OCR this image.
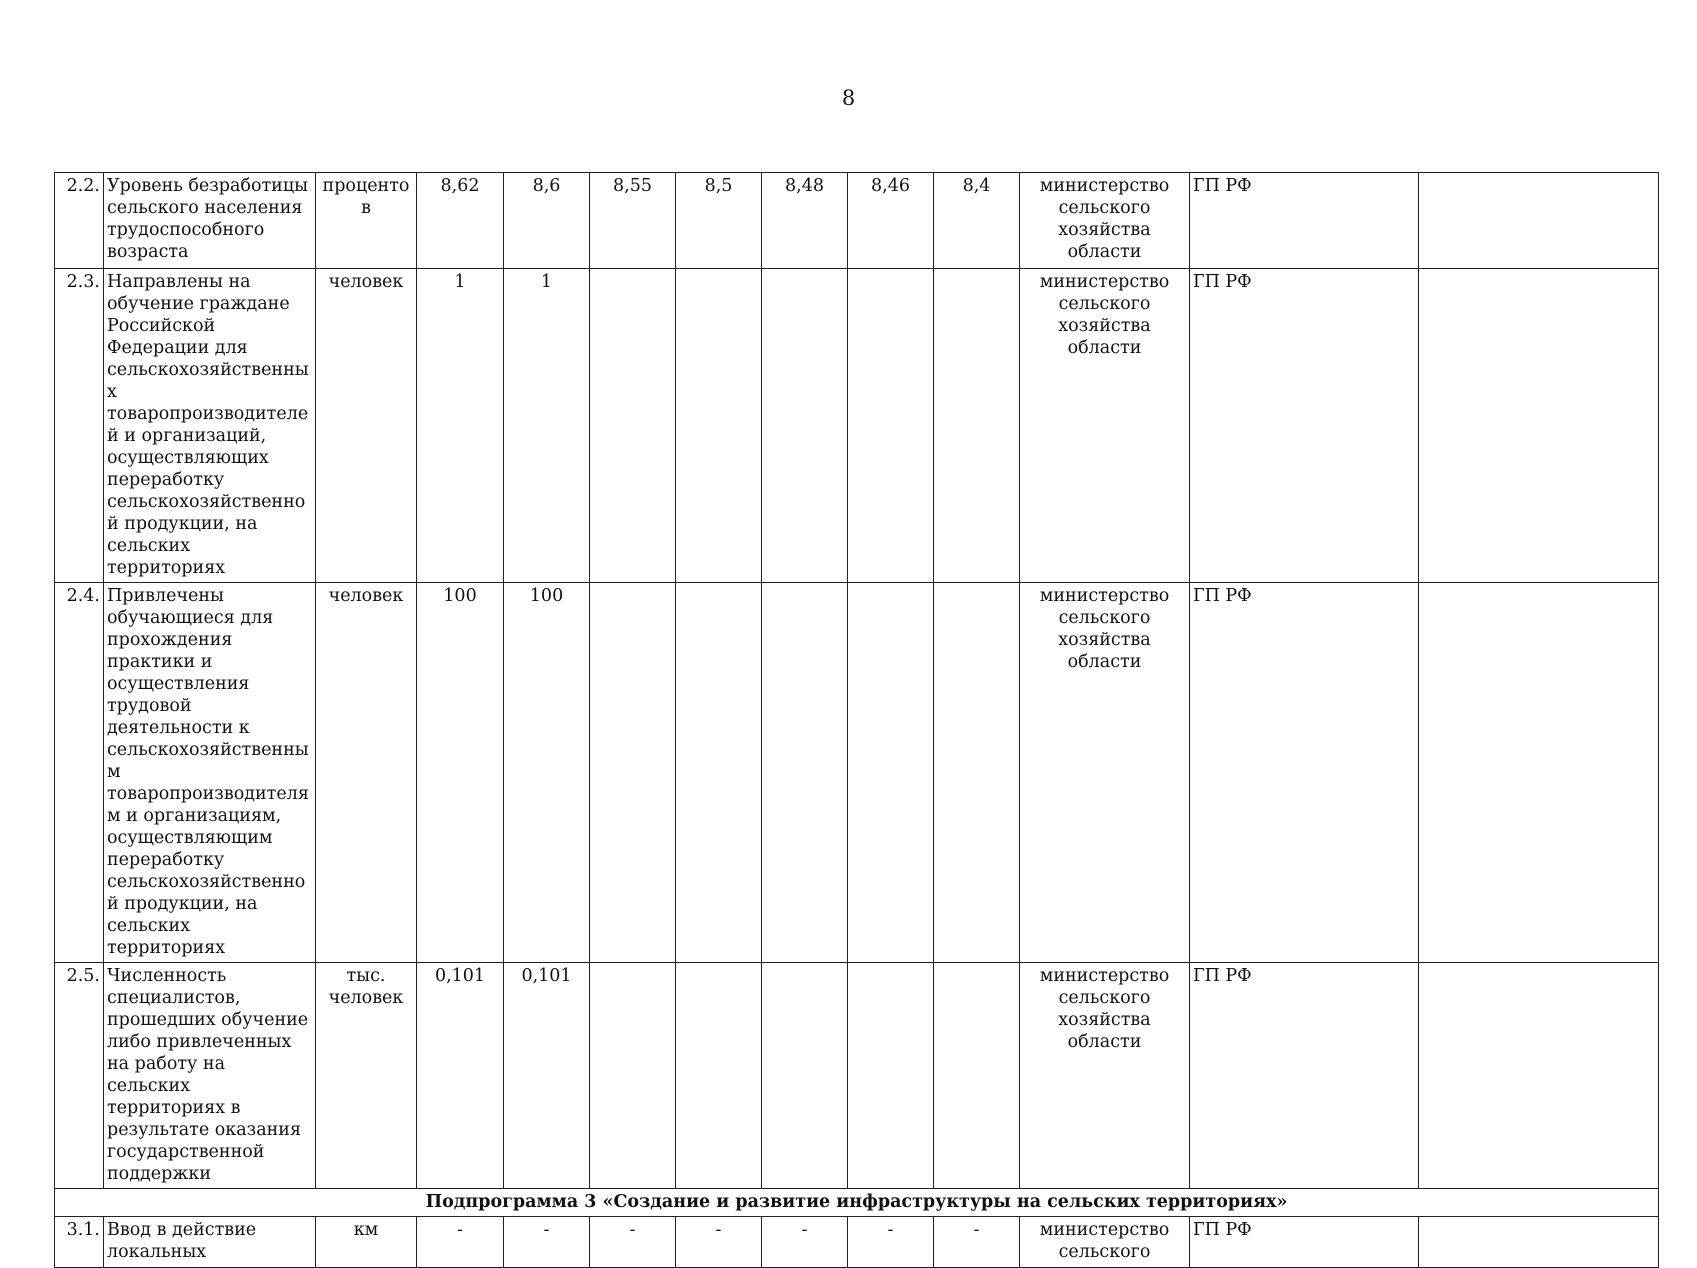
8
2.2.	Уровень безработицы сельского населения трудоспособного возраста	процентов	8,62	8,6	8,55	8,5	8,48	8,46	8,4	министерство сельского хозяйства области	ГП РФ	
2.3.	Направлены на обучение граждане Российской Федерации для сельскохозяйственных товаропроизводителей и организаций, осуществляющих переработку сельскохозяйственной продукции, на сельских территориях	человек	1	1						министерство сельского хозяйства области	ГП РФ	
2.4.	Привлечены обучающиеся для прохождения практики и осуществления трудовой деятельности к сельскохозяйственным товаропроизводителям и организациям, осуществляющим переработку сельскохозяйственной продукции, на сельских территориях	человек	100	100						министерство сельского хозяйства области	ГП РФ	
2.5.	Численность специалистов, прошедших обучение либо привлеченных на работу на сельских территориях в результате оказания государственной поддержки	тыс. человек	0,101	0,101						министерство сельского хозяйства области	ГП РФ	
Подпрограмма 3 «Создание и развитие инфраструктуры на сельских территориях»												
3.1.	Ввод в действие локальных	км	-	-	-	-	-	-	-	министерство сельского	ГП РФ	
